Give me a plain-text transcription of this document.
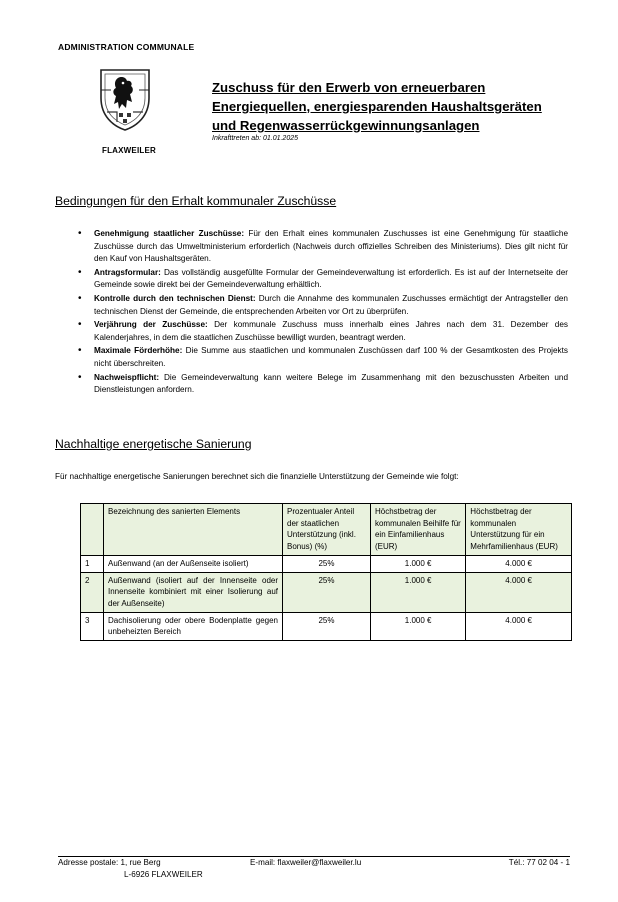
ADMINISTRATION COMMUNALE
FLAXWEILER
Zuschuss für den Erwerb von erneuerbaren
Energiequellen, energiesparenden Haushaltsgeräten
und Regenwasserrückgewinnungsanlagen
Inkrafttreten ab: 01.01.2025
Bedingungen für den Erhalt kommunaler Zuschüsse
• Genehmigung staatlicher Zuschüsse: Für den Erhalt eines kommunalen Zuschusses ist eine Genehmigung für staatliche Zuschüsse durch das Umweltministerium erforderlich (Nachweis durch offizielles Schreiben des Ministeriums). Dies gilt nicht für den Kauf von Haushaltsgeräten.
• Antragsformular: Das vollständig ausgefüllte Formular der Gemeindeverwaltung ist erforderlich. Es ist auf der Internetseite der Gemeinde sowie direkt bei der Gemeindeverwaltung erhältlich.
• Kontrolle durch den technischen Dienst: Durch die Annahme des kommunalen Zuschusses ermächtigt der Antragsteller den technischen Dienst der Gemeinde, die entsprechenden Arbeiten vor Ort zu überprüfen.
• Verjährung der Zuschüsse: Der kommunale Zuschuss muss innerhalb eines Jahres nach dem 31. Dezember des Kalenderjahres, in dem die staatlichen Zuschüsse bewilligt wurden, beantragt werden.
• Maximale Förderhöhe: Die Summe aus staatlichen und kommunalen Zuschüssen darf 100 % der Gesamtkosten des Projekts nicht überschreiten.
• Nachweispflicht: Die Gemeindeverwaltung kann weitere Belege im Zusammenhang mit den bezuschussten Arbeiten und Dienstleistungen anfordern.
Nachhaltige energetische Sanierung
Für nachhaltige energetische Sanierungen berechnet sich die finanzielle Unterstützung der Gemeinde wie folgt:
	Bezeichnung des sanierten Elements	Prozentualer Anteil der staatlichen Unterstützung (inkl. Bonus) (%)	Höchstbetrag der kommunalen Beihilfe für ein Einfamilienhaus (EUR)	Höchstbetrag der kommunalen Unterstützung für ein Mehrfamilienhaus (EUR)
1	Außenwand (an der Außenseite isoliert)	25%	1.000 €	4.000 €
2	Außenwand (isoliert auf der Innenseite oder Innenseite kombiniert mit einer Isolierung auf der Außenseite)	25%	1.000 €	4.000 €
3	Dachisolierung oder obere Bodenplatte gegen unbeheizten Bereich	25%	1.000 €	4.000 €
Adresse postale: 1, rue Berg
L-6926 FLAXWEILER
E-mail: flaxweiler@flaxweiler.lu	Tél.: 77 02 04 - 1
